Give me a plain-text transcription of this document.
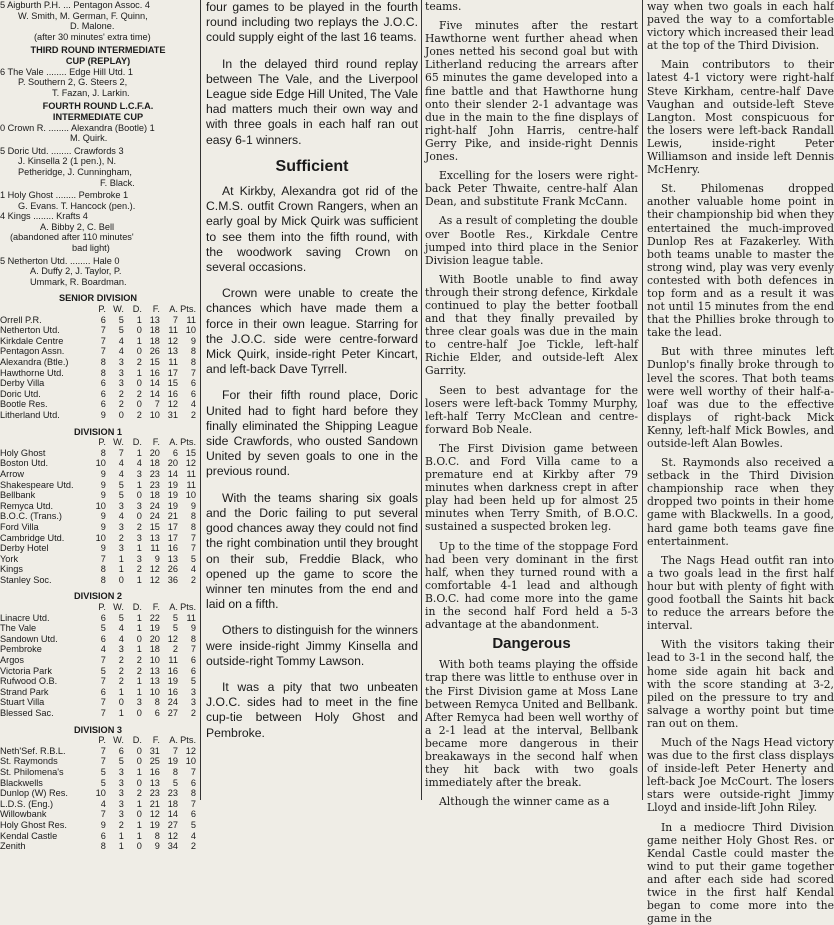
5 Aigburth P.H. ... Pentagon Assoc. 4
W. Smith, M. German, F. Quinn,
D. Malone.
(after 30 minutes' extra time)
THIRD ROUND INTERMEDIATE
CUP (REPLAY)
6 The Vale ........ Edge Hill Utd. 1
P. Southern 2, G. Steers 2,
T. Fazan, J. Larkin.
FOURTH ROUND L.C.F.A.
INTERMEDIATE CUP
0 Crown R. ........ Alexandra (Bootle) 1
M. Quirk.
5 Doric Utd. ........ Crawfords 3
J. Kinsella 2 (1 pen.), N.
Petheridge, J. Cunningham,
F. Black.
1 Holy Ghost ........ Pembroke 1
G. Evans. T. Hancock (pen.).
4 Kings ........ Krafts 4
A. Bibby 2, C. Bell
(abandoned after 110 minutes'
bad light)
5 Netherton Utd. ........ Hale 0
A. Duffy 2, J. Taylor, P.
Ummark, R. Boardman.
SENIOR DIVISION
	P.	W.	D.	F.	A.	Pts.
Orrell P.R.	6	5	1	13	7	11
Netherton Utd.	7	5	0	18	11	10
Kirkdale Centre	7	4	1	18	12	9
Pentagon Assn.	7	4	0	26	13	8
Alexandra (Btle.)	8	3	2	15	11	8
Hawthorne Utd.	8	3	1	16	17	7
Derby Villa	6	3	0	14	15	6
Doric Utd.	6	2	2	14	16	6
Bootle Res.	6	2	0	7	12	4
Litherland Utd.	9	0	2	10	31	2
DIVISION 1
	P.	W.	D.	F.	A.	Pts.
Holy Ghost	8	7	1	20	6	15
Boston Utd.	10	4	4	18	20	12
Arrow	9	4	3	23	14	11
Shakespeare Utd.	9	5	1	23	19	11
Bellbank	9	5	0	18	19	10
Remyca Utd.	10	3	3	24	19	9
B.O.C. (Trans.)	9	4	0	24	21	8
Ford Villa	9	3	2	15	17	8
Cambridge Utd.	10	2	3	13	17	7
Derby Hotel	9	3	1	11	16	7
York	7	1	3	9	13	5
Kings	8	1	2	12	26	4
Stanley Soc.	8	0	1	12	36	2
DIVISION 2
	P.	W.	D.	F.	A.	Pts.
Linacre Utd.	6	5	1	22	5	11
The Vale	5	4	1	19	5	9
Sandown Utd.	6	4	0	20	12	8
Pembroke	4	3	1	18	2	7
Argos	7	2	2	10	11	6
Victoria Park	5	2	2	13	16	6
Rufwood O.B.	7	2	1	13	19	5
Strand Park	6	1	1	10	16	3
Stuart Villa	7	0	3	8	24	3
Blessed Sac.	7	1	0	6	27	2
DIVISION 3
	P.	W.	D.	F.	A.	Pts.
Neth'Sef. R.B.L.	7	6	0	31	7	12
St. Raymonds	7	5	0	25	19	10
St. Philomena's	5	3	1	16	8	7
Blackwells	5	3	0	13	5	6
Dunlop (W) Res.	10	3	2	23	23	8
L.D.S. (Eng.)	4	3	1	21	18	7
Willowbank	7	3	0	12	14	6
Holy Ghost Res.	9	2	1	19	27	5
Kendal Castle	6	1	1	8	12	4
Zenith	8	1	0	9	34	2

four games to be played in the fourth round including two replays the J.O.C. could supply eight of the last 16 teams.

In the delayed third round replay between The Vale, and the Liverpool League side Edge Hill United, The Vale had matters much their own way and with three goals in each half ran out easy 6-1 winners.

Sufficient

At Kirkby, Alexandra got rid of the C.M.S. outfit Crown Rangers, when an early goal by Mick Quirk was sufficient to see them into the fifth round, with the woodwork saving Crown on several occasions.

Crown were unable to create the chances which have made them a force in their own league. Starring for the J.O.C. side were centre-forward Mick Quirk, inside-right Peter Kincart, and left-back Dave Tyrrell.

For their fifth round place, Doric United had to fight hard before they finally eliminated the Shipping League side Crawfords, who ousted Sandown United by seven goals to one in the previous round.

With the teams sharing six goals and the Doric failing to put several good chances away they could not find the right combination until they brought on their sub, Freddie Black, who opened up the game to score the winner ten minutes from the end and laid on a fifth.

Others to distinguish for the winners were inside-right Jimmy Kinsella and outside-right Tommy Lawson.

It was a pity that two unbeaten J.O.C. sides had to meet in the fine cup-tie between Holy Ghost and Pembroke.

teams.

Five minutes after the restart Hawthorne went further ahead when Jones netted his second goal but with Litherland reducing the arrears after 65 minutes the game developed into a fine battle and that Hawthorne hung onto their slender 2-1 advantage was due in the main to the fine displays of right-half John Harris, centre-half Gerry Pike, and inside-right Dennis Jones.

Excelling for the losers were right-back Peter Thwaite, centre-half Alan Dean, and substitute Frank McCann.

As a result of completing the double over Bootle Res., Kirkdale Centre jumped into third place in the Senior Division league table.

With Bootle unable to find away through their strong defence, Kirkdale continued to play the better football and that they finally prevailed by three clear goals was due in the main to centre-half Joe Tickle, left-half Richie Elder, and outside-left Alex Garrity.

Seen to best advantage for the losers were left-back Tommy Murphy, left-half Terry McClean and centre-forward Bob Neale.

The First Division game between B.O.C. and Ford Villa came to a premature end at Kirkby after 79 minutes when darkness crept in after play had been held up for almost 25 minutes when Terry Smith, of B.O.C. sustained a suspected broken leg.

Up to the time of the stoppage Ford had been very dominant in the first half, when they turned round with a comfortable 4-1 lead and although B.O.C. had come more into the game in the second half Ford held a 5-3 advantage at the abandonment.

Dangerous

With both teams playing the offside trap there was little to enthuse over in the First Division game at Moss Lane between Remyca United and Bellbank. After Remyca had been well worthy of a 2-1 lead at the interval, Bellbank became more dangerous in their breakaways in the second half when they hit back with two goals immediately after the break.

Although the winner came as a

way when two goals in each half paved the way to a comfortable victory which increased their lead at the top of the Third Division.

Main contributors to their latest 4-1 victory were right-half Steve Kirkham, centre-half Dave Vaughan and outside-left Steve Langton. Most conspicuous for the losers were left-back Randall Lewis, inside-right Peter Williamson and inside left Dennis McHenry.

St. Philomenas dropped another valuable home point in their championship bid when they entertained the much-improved Dunlop Res at Fazakerley. With both teams unable to master the strong wind, play was very evenly contested with both defences in top form and as a result it was not until 15 minutes from the end that the Phillies broke through to take the lead.

But with three minutes left Dunlop's finally broke through to level the scores. That both teams were well worthy of their half-a-loaf was due to the effective displays of right-back Mick Kenny, left-half Mick Bowles, and outside-left Alan Bowles.

St. Raymonds also received a setback in the Third Division championship race when they dropped two points in their home game with Blackwells. In a good, hard game both teams gave fine entertainment.

The Nags Head outfit ran into a two goals lead in the first half hour but with plenty of fight with good football the Saints hit back to reduce the arrears before the interval.

With the visitors taking their lead to 3-1 in the second half, the home side again hit back and with the score standing at 3-2, piled on the pressure to try and salvage a worthy point but time ran out on them.

Much of the Nags Head victory was due to the first class displays of inside-left Peter Henerty and left-back Joe McCourt. The losers stars were outside-right Jimmy Lloyd and inside-lift John Riley.

In a mediocre Third Division game neither Holy Ghost Res. or Kendal Castle could master the wind to put their game together and after each side had scored twice in the first half Kendal began to come more into the game in the
